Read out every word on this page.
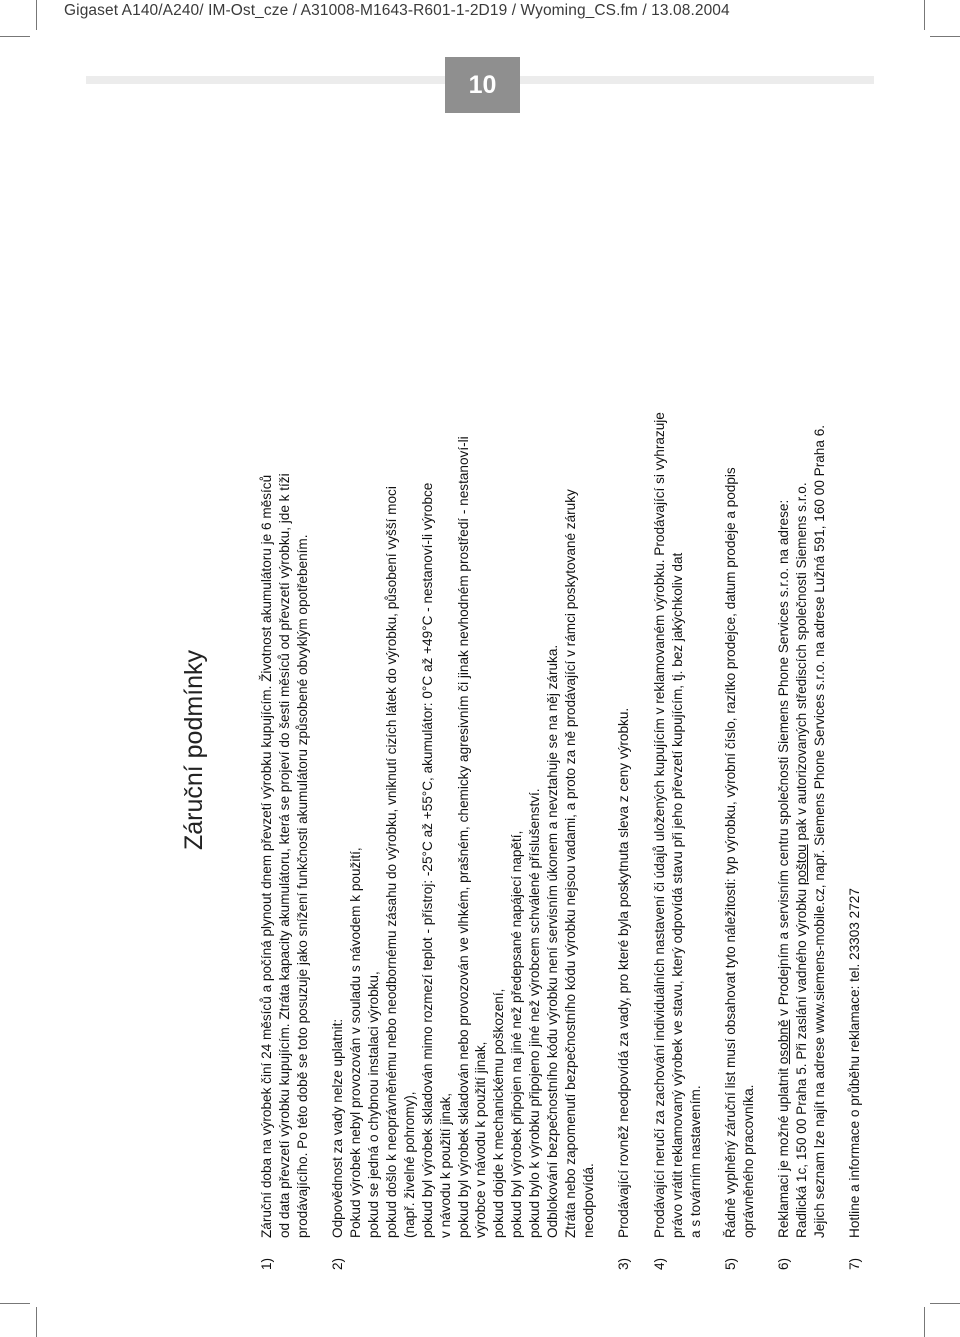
Gigaset A140/A240/ IM-Ost_cze / A31008-M1643-R601-1-2D19 / Wyoming_CS.fm / 13.08.2004
10
Záruční podmínky
1)
Záruční doba na výrobek činí 24 měsíců a počíná plynout dnem převzetí výrobku kupujícím. Životnost akumulátoru je 6 měsíců od data převzetí výrobku kupujícím. Ztráta kapacity akumulátoru, která se projeví do šesti měsíců od převzetí výrobku, jde k tíži prodávajícího. Po této době se toto posuzuje jako snížení funkčnosti akumulátoru způsobené obvyklým opotřebením.
2)
Odpovědnost za vady nelze uplatnit: Pokud výrobek nebyl provozován v souladu s návodem k použití, pokud se jedná o chybnou instalaci výrobku, pokud došlo k neoprávněnému nebo neodbornému zásahu do výrobku, vniknutí cizích látek do výrobku, působení vyšší moci (např. živelné pohromy), pokud byl výrobek skladován mimo rozmezí teplot - přístroj: -25°C až +55°C, akumulátor: 0°C až +49°C - nestanoví-li výrobce v návodu k použití jinak, pokud byl výrobek skladován nebo provozován ve vlhkém, prašném, chemicky agresivním či jinak nevhodném prostředí - nestanoví-li výrobce v návodu k použití jinak, pokud dojde k mechanickému poškození, pokud byl výrobek připojen na jiné než předepsané napájecí napětí, pokud bylo k výrobku připojeno jiné než výrobcem schválené příslušenství. Odblokování bezpečnostního kódu výrobku není servisním úkonem a nevztahuje se na něj záruka. Ztráta nebo zapomenutí bezpečnostního kódu výrobku nejsou vadami, a proto za ně prodávající v rámci poskytované záruky neodpovídá.
3)
Prodávající rovněž neodpovídá za vady, pro které byla poskytnuta sleva z ceny výrobku.
4)
Prodávající neručí za zachování individuálních nastavení či údajů uložených kupujícím v reklamovaném výrobku. Prodávající si vyhrazuje právo vrátit reklamovaný výrobek ve stavu, který odpovídá stavu při jeho převzetí kupujícím, tj. bez jakýchkoliv dat a s továrním nastavením.
5)
Řádně vyplněný záruční list musí obsahovat tyto náležitosti: typ výrobku, výrobní číslo, razítko prodejce, datum prodeje a podpis oprávněného pracovníka.
6)
Reklamaci je možné uplatnit osobně v Prodejním a servisním centru společnosti Siemens Phone Services s.r.o. na adrese:
Radlická 1c, 150 00 Praha 5. Při zaslání vadného výrobku poštou pak v autorizovaných střediscích společnosti Siemens s.r.o. Jejich seznam lze najít na adrese www.siemens-mobile.cz, např. Siemens Phone Services s.r.o. na adrese Lužná 591, 160 00 Praha 6.
7)
Hotline a informace o průběhu reklamace: tel. 23303 2727
